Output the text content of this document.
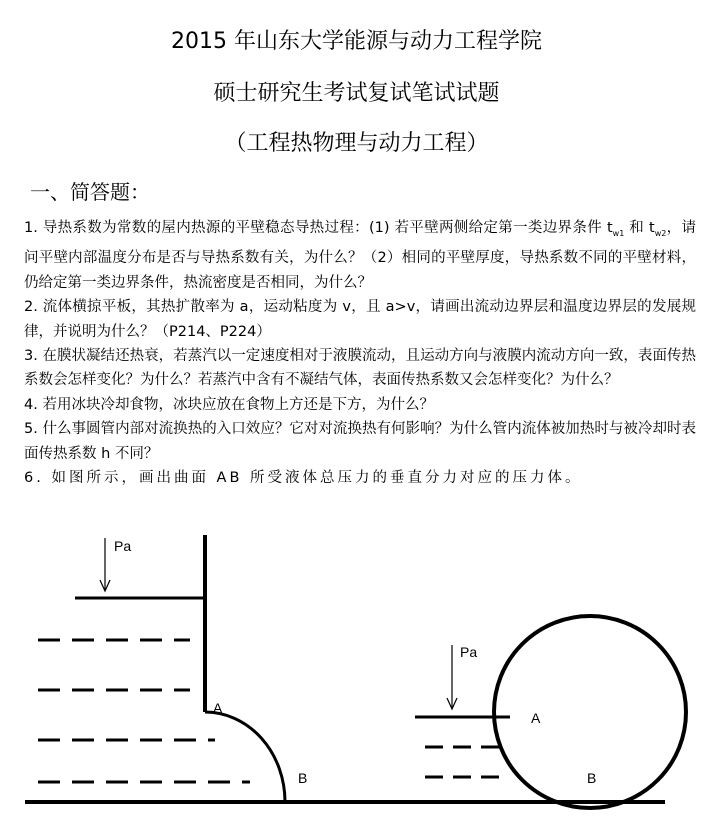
2015 年山东大学能源与动力工程学院
硕士研究生考试复试笔试试题
（工程热物理与动力工程）
一、简答题：

1. 导热系数为常数的屋内热源的平壁稳态导热过程：(1) 若平壁两侧给定第一类边界条件 $t_{w1}$ 和 $t_{w2}$，请问平壁内部温度分布是否与导热系数有关，为什么？（2）相同的平壁厚度，导热系数不同的平壁材料，仍给定第一类边界条件，热流密度是否相同，为什么？

2. 流体横掠平板，其热扩散率为 a，运动粘度为 v，且 a>v，请画出流动边界层和温度边界层的发展规律，并说明为什么？（P214、P224）

3. 在膜状凝结还热衰，若蒸汽以一定速度相对于液膜流动，且运动方向与液膜内流动方向一致，表面传热系数会怎样变化？为什么？若蒸汽中含有不凝结气体，表面传热系数又会怎样变化？为什么？

4. 若用冰块冷却食物，冰块应放在食物上方还是下方，为什么？

5. 什么事圆管内部对流换热的入口效应？它对对流换热有何影响？为什么管内流体被加热时与被冷却时表面传热系数 h 不同？

6. 如图所示，画出曲面 AB 所受液体总压力的垂直分力对应的压力体。

Pa
A
B
Pa
A
B
